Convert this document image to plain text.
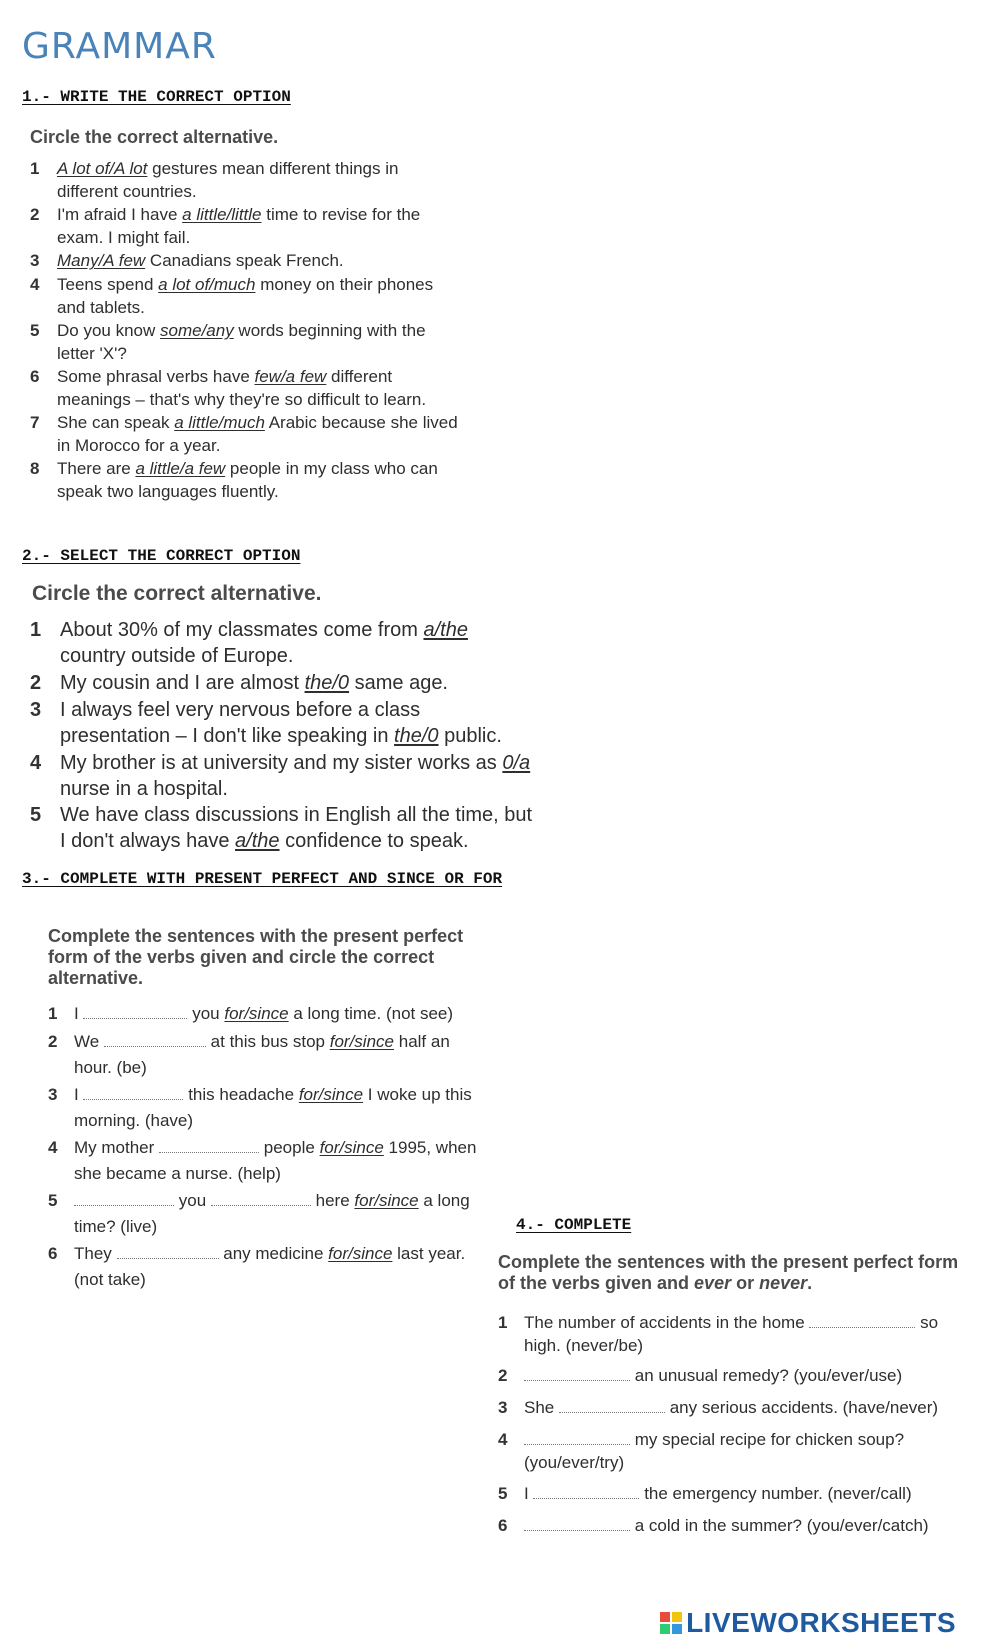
GRAMMAR
1.- WRITE THE CORRECT OPTION
Circle the correct alternative.
1	A lot of/A lot gestures mean different things in different countries.
2	I'm afraid I have a little/little time to revise for the exam. I might fail.
3	Many/A few Canadians speak French.
4	Teens spend a lot of/much money on their phones and tablets.
5	Do you know some/any words beginning with the letter 'X'?
6	Some phrasal verbs have few/a few different meanings – that's why they're so difficult to learn.
7	She can speak a little/much Arabic because she lived in Morocco for a year.
8	There are a little/a few people in my class who can speak two languages fluently.
2.- SELECT THE CORRECT OPTION
Circle the correct alternative.
1 About 30% of my classmates come from a/the country outside of Europe.
2 My cousin and I are almost the/0 same age.
3 I always feel very nervous before a class presentation – I don't like speaking in the/0 public.
4 My brother is at university and my sister works as 0/a nurse in a hospital.
5 We have class discussions in English all the time, but I don't always have a/the confidence to speak.
3.- COMPLETE WITH PRESENT PERFECT AND SINCE OR FOR
Complete the sentences with the present perfect form of the verbs given and circle the correct alternative.
1 I	you for/since a long time. (not see)
2 We	at this bus stop for/since half an hour. (be)
3 I	this headache for/since I woke up this morning. (have)
4 My mother	people for/since 1995, when she became a nurse. (help)
5	you	here for/since a long time? (live)
6 They	any medicine for/since last year. (not take)
4.- COMPLETE
Complete the sentences with the present perfect form of the verbs given and ever or never.
1 The number of accidents in the home	so high. (never/be)
2	an unusual remedy? (you/ever/use)
3 She	any serious accidents. (have/never)
4	my special recipe for chicken soup? (you/ever/try)
5 I	the emergency number. (never/call)
6	a cold in the summer? (you/ever/catch)
LIVEWORKSHEETS
